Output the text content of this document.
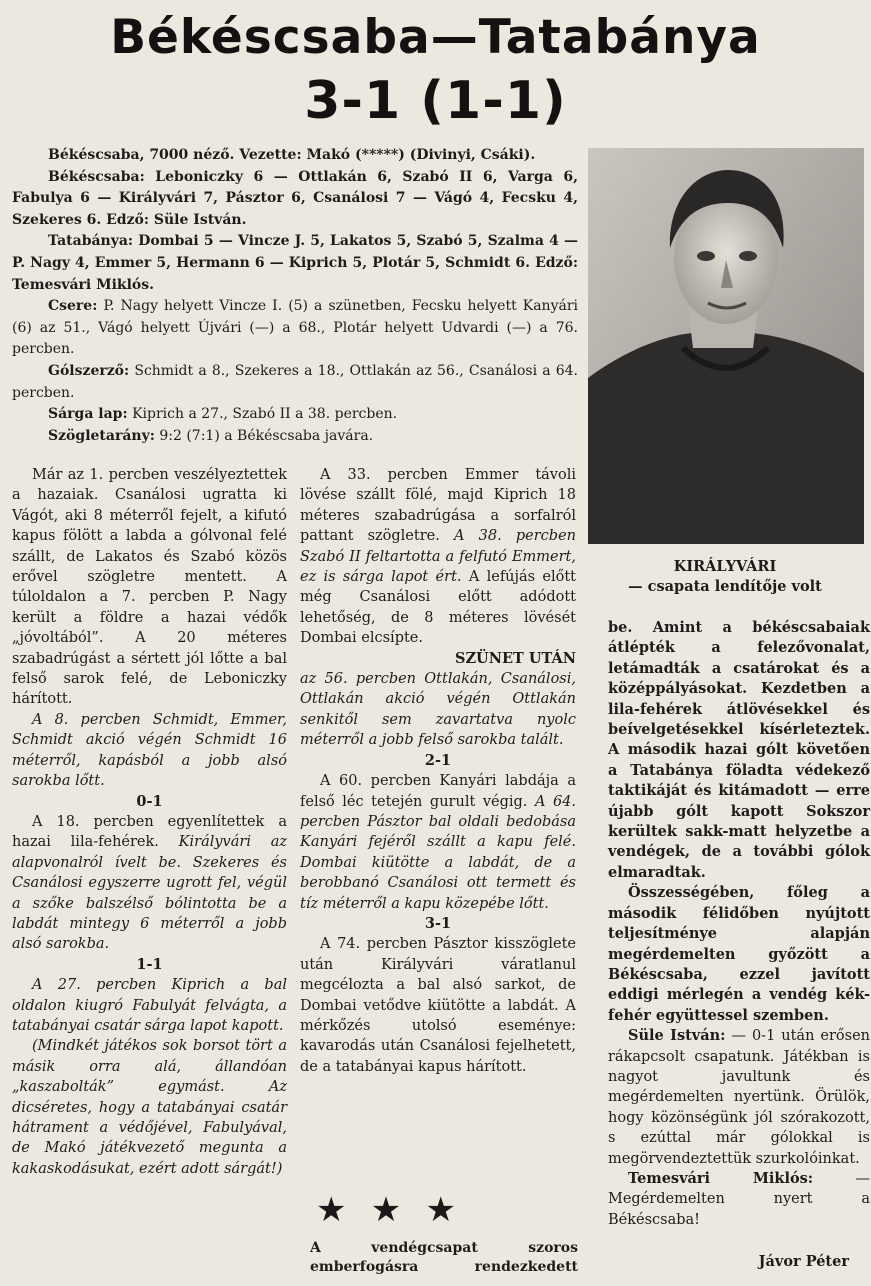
Békéscsaba—Tatabánya
3-1 (1-1)

Békéscsaba, 7000 néző. Vezette: Makó (*****) (Divinyi, Csáki).

Békéscsaba: Leboniczky 6 — Ottlakán 6, Szabó II 6, Varga 6, Fabulya 6 — Királyvári 7, Pásztor 6, Csanálosi 7 — Vágó 4, Fecsku 4, Szekeres 6. Edző: Süle István.

Tatabánya: Dombai 5 — Vincze J. 5, Lakatos 5, Szabó 5, Szalma 4 — P. Nagy 4, Emmer 5, Hermann 6 — Kiprich 5, Plotár 5, Schmidt 6. Edző: Temesvári Miklós.

Csere: P. Nagy helyett Vincze I. (5) a szünetben, Fecsku helyett Kanyári (6) az 51., Vágó helyett Újvári (—) a 68., Plotár helyett Udvardi (—) a 76. percben.

Gólszerző: Schmidt a 8., Szekeres a 18., Ottlakán az 56., Csanálosi a 64. percben.

Sárga lap: Kiprich a 27., Szabó II a 38. percben.

Szögletarány: 9:2 (7:1) a Békéscsaba javára.

Már az 1. percben veszélyeztettek a hazaiak. Csanálosi ugratta ki Vágót, aki 8 méterről fejelt, a kifutó kapus fölött a labda a gólvonal felé szállt, de Lakatos és Szabó közös erővel szögletre mentett. A túloldalon a 7. percben P. Nagy került a földre a hazai védők „jóvoltából”. A 20 méteres szabadrúgást a sértett jól lőtte a bal felső sarok felé, de Leboniczky hárított.

A 8. percben Schmidt, Emmer, Schmidt akció végén Schmidt 16 méterről, kapásból a jobb alsó sarokba lőtt.

0-1

A 18. percben egyenlítettek a hazai lila-fehérek. Királyvári az alapvonalról ívelt be. Szekeres és Csanálosi egyszerre ugrott fel, végül a szőke balszélső bólintotta be a labdát mintegy 6 méterről a jobb alsó sarokba.

1-1

A 27. percben Kiprich a bal oldalon kiugró Fabulyát felvágta, a tatabányai csatár sárga lapot kapott.

(Mindkét játékos sok borsot tört a másik orra alá, állandóan „kaszabolták” egymást. Az dicséretes, hogy a tatabányai csatár hátrament a védőjével, Fabulyával, de Makó játékvezető megunta a kakaskodásukat, ezért adott sárgát!)

A 33. percben Emmer távoli lövése szállt fölé, majd Kiprich 18 méteres szabadrúgása a sorfalról pattant szögletre. A 38. percben Szabó II feltartotta a felfutó Emmert, ez is sárga lapot ért. A lefújás előtt még Csanálosi előtt adódott lehetőség, de 8 méteres lövését Dombai elcsípte.

SZÜNET UTÁN

az 56. percben Ottlakán, Csanálosi, Ottlakán akció végén Ottlakán senkitől sem zavartatva nyolc méterről a jobb felső sarokba talált.

2-1

A 60. percben Kanyári labdája a felső léc tetején gurult végig. A 64. percben Pásztor bal oldali bedobása Kanyári fejéről szállt a kapu felé. Dombai kiütötte a labdát, de a berobbanó Csanálosi ott termett és tíz méterről a kapu közepébe lőtt.

3-1

A 74. percben Pásztor kisszöglete után Királyvári váratlanul megcélozta a bal alsó sarkot, de Dombai vetődve kiütötte a labdát. A mérkőzés utolsó eseménye: kavarodás után Csanálosi fejelhetett, de a tatabányai kapus hárított.

★ ★ ★
A vendégcsapat szoros emberfogásra rendezkedett
KIRÁLYVÁRI
— csapata lendítője volt

be. Amint a békéscsabaiak átlépték a felezővonalat, letámadták a csatárokat és a középpályásokat. Kezdetben a lila-fehérek átlövésekkel és beívelgetésekkel kísérleteztek. A második hazai gólt követően a Tatabánya föladta védekező taktikáját és kitámadott — erre újabb gólt kapott Sokszor kerültek sakk-matt helyzetbe a vendégek, de a további gólok elmaradtak.

Összességében, főleg a második félidőben nyújtott teljesítménye alapján megérdemelten győzött a Békéscsaba, ezzel javított eddigi mérlegén a vendég kék-fehér együttessel szemben.

Süle István: — 0-1 után erősen rákapcsolt csapatunk. Játékban is nagyot javultunk és megérdemelten nyertünk. Örülök, hogy közönségünk jól szórakozott, s ezúttal már gólokkal is megörvendeztettük szurkolóinkat.

Temesvári Miklós:	— Megérdemelten nyert a Békéscsaba!

Jávor Péter
